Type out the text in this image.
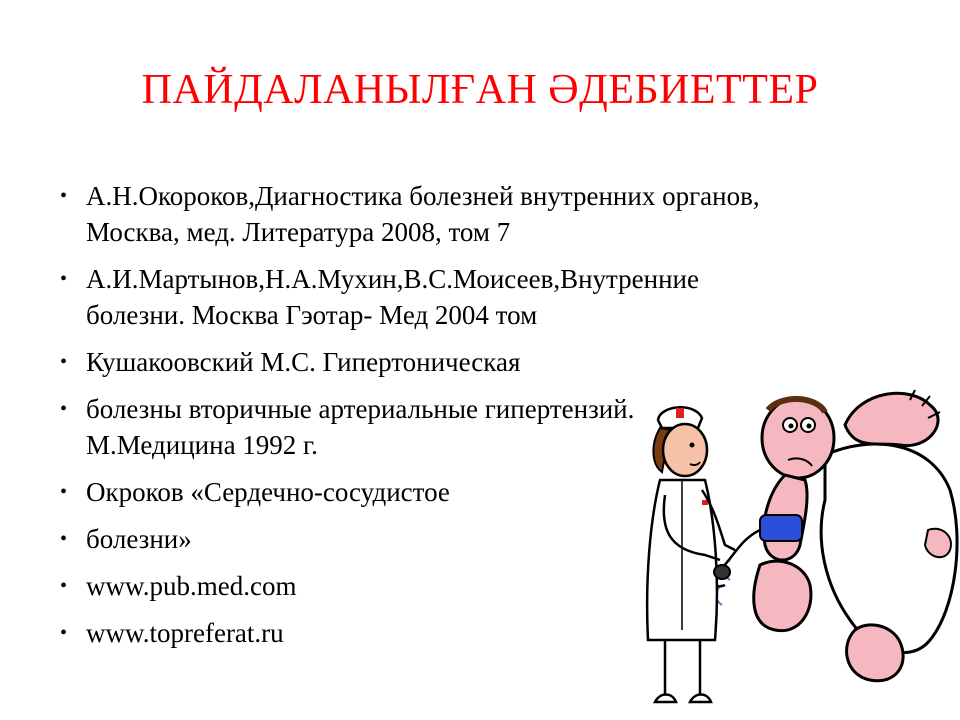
ПАЙДАЛАНЫЛҒАН ӘДЕБИЕТТЕР
• А.Н.Окороков,Диагностика болезней внутренних органов,
Москва, мед. Литература 2008, том 7
• А.И.Мартынов,Н.А.Мухин,В.С.Моисеев,Внутренние
болезни. Москва Гэотар- Мед 2004 том
• Кушакоовский М.С. Гипертоническая
• болезны вторичные артериальные гипертензий.
М.Медицина 1992 г.
• Окроков «Сердечно-сосудистое
• болезни»
• www.pub.med.com
• www.topreferat.ru
